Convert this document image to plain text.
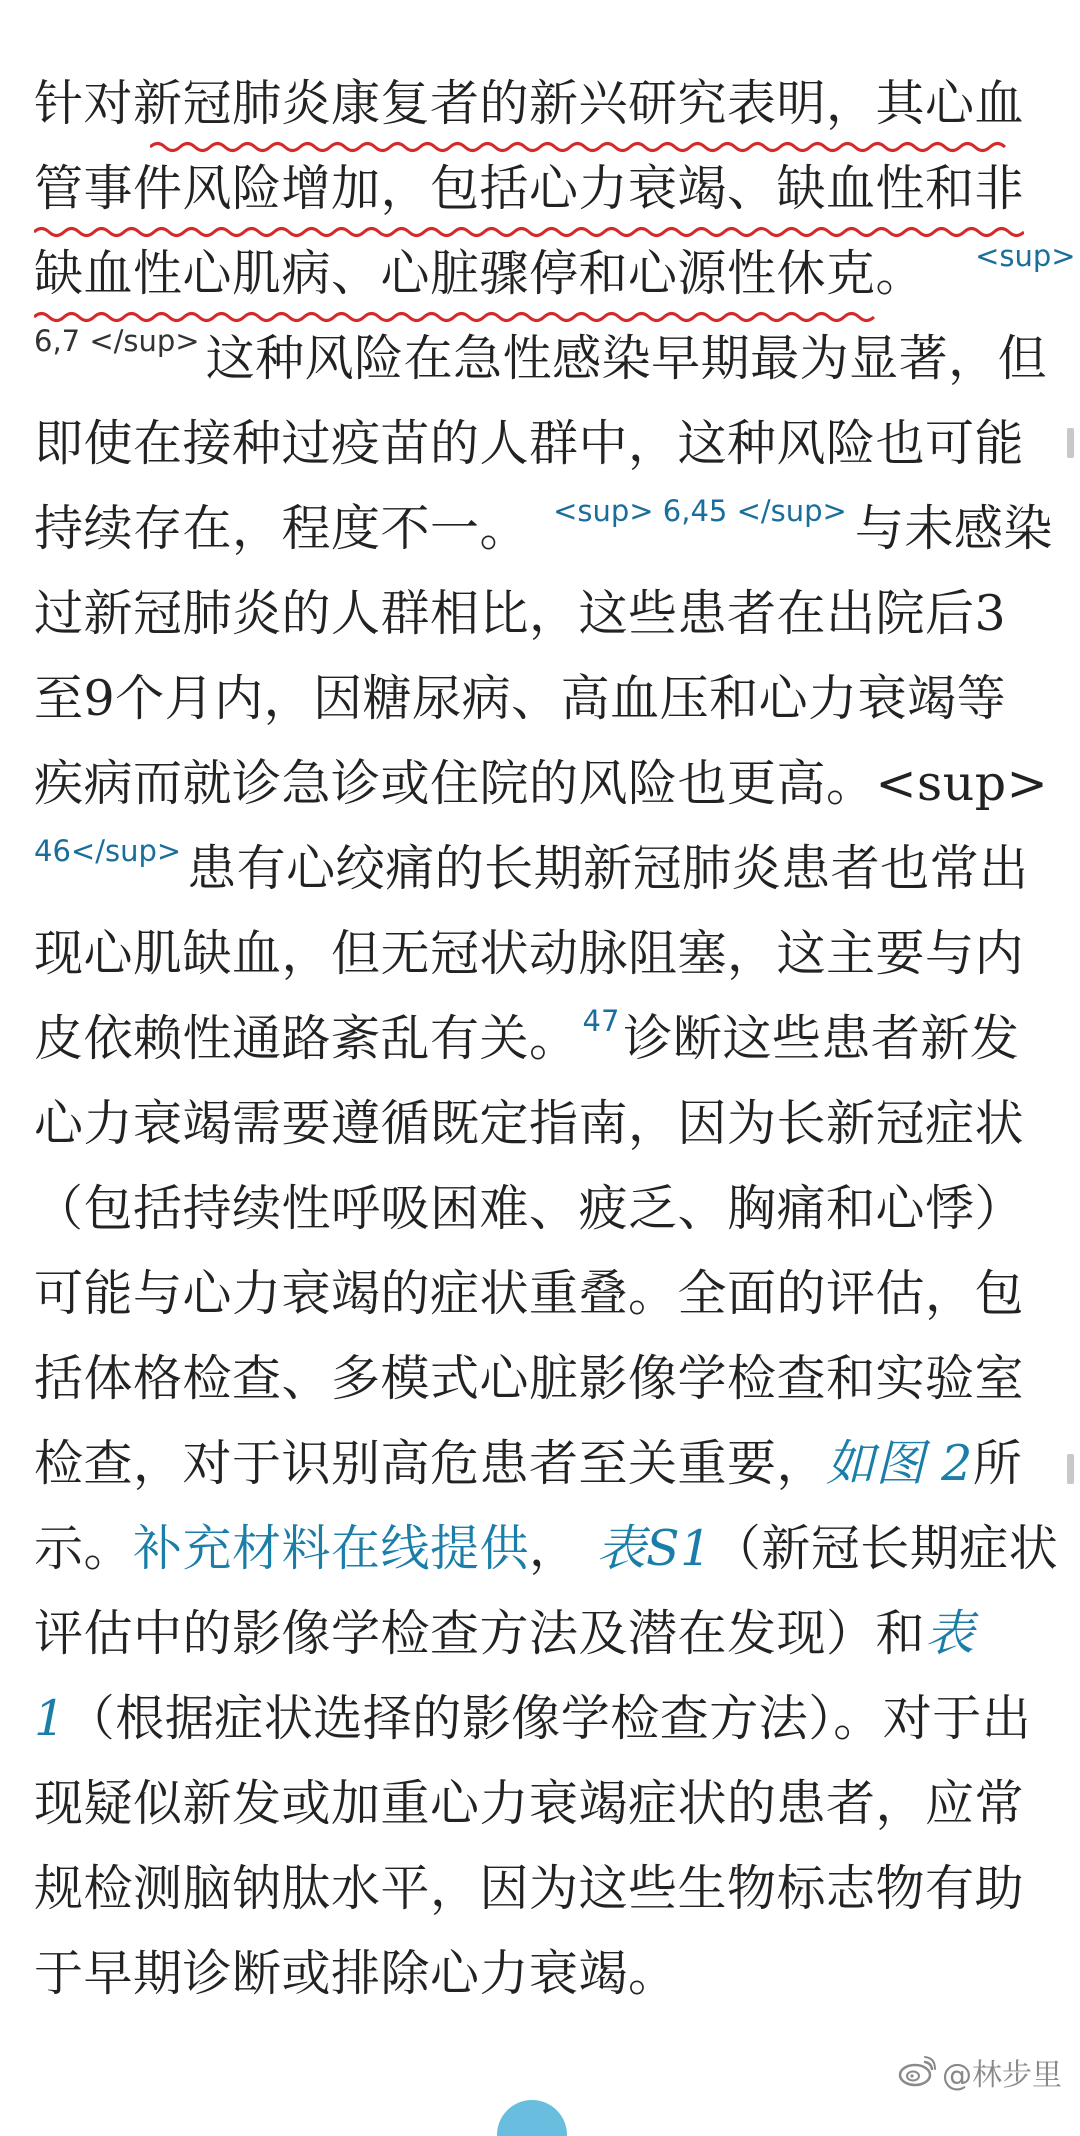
针对新冠肺炎康复者的新兴研究表明，其心血
管事件风险增加，包括心力衰竭、缺血性和非
缺血性心肌病、心脏骤停和心源性休克。 $^{<sup>}$
$^{6,7 </sup>}$ 这种风险在急性感染早期最为显著，但
即使在接种过疫苗的人群中，这种风险也可能
持续存在，程度不一。 $^{<sup> 6,45 </sup>}$ 与未感染
过新冠肺炎的人群相比，这些患者在出院后3
至9个月内，因糖尿病、高血压和心力衰竭等
疾病而就诊急诊或住院的风险也更高。<sup>
$^{46</sup>}$ 患有心绞痛的长期新冠肺炎患者也常出
现心肌缺血，但无冠状动脉阻塞，这主要与内
皮依赖性通路紊乱有关。 $^{47}$诊断这些患者新发
心力衰竭需要遵循既定指南，因为长新冠症状
（包括持续性呼吸困难、疲乏、胸痛和心悸）
可能与心力衰竭的症状重叠。全面的评估，包
括体格检查、多模式心脏影像学检查和实验室
检查，对于识别高危患者至关重要，如图 2所
示。补充材料在线提供， 表S1（新冠长期症状
评估中的影像学检查方法及潜在发现）和表
1（根据症状选择的影像学检查方法）。对于出
现疑似新发或加重心力衰竭症状的患者，应常
规检测脑钠肽水平，因为这些生物标志物有助
于早期诊断或排除心力衰竭。
@林步里
